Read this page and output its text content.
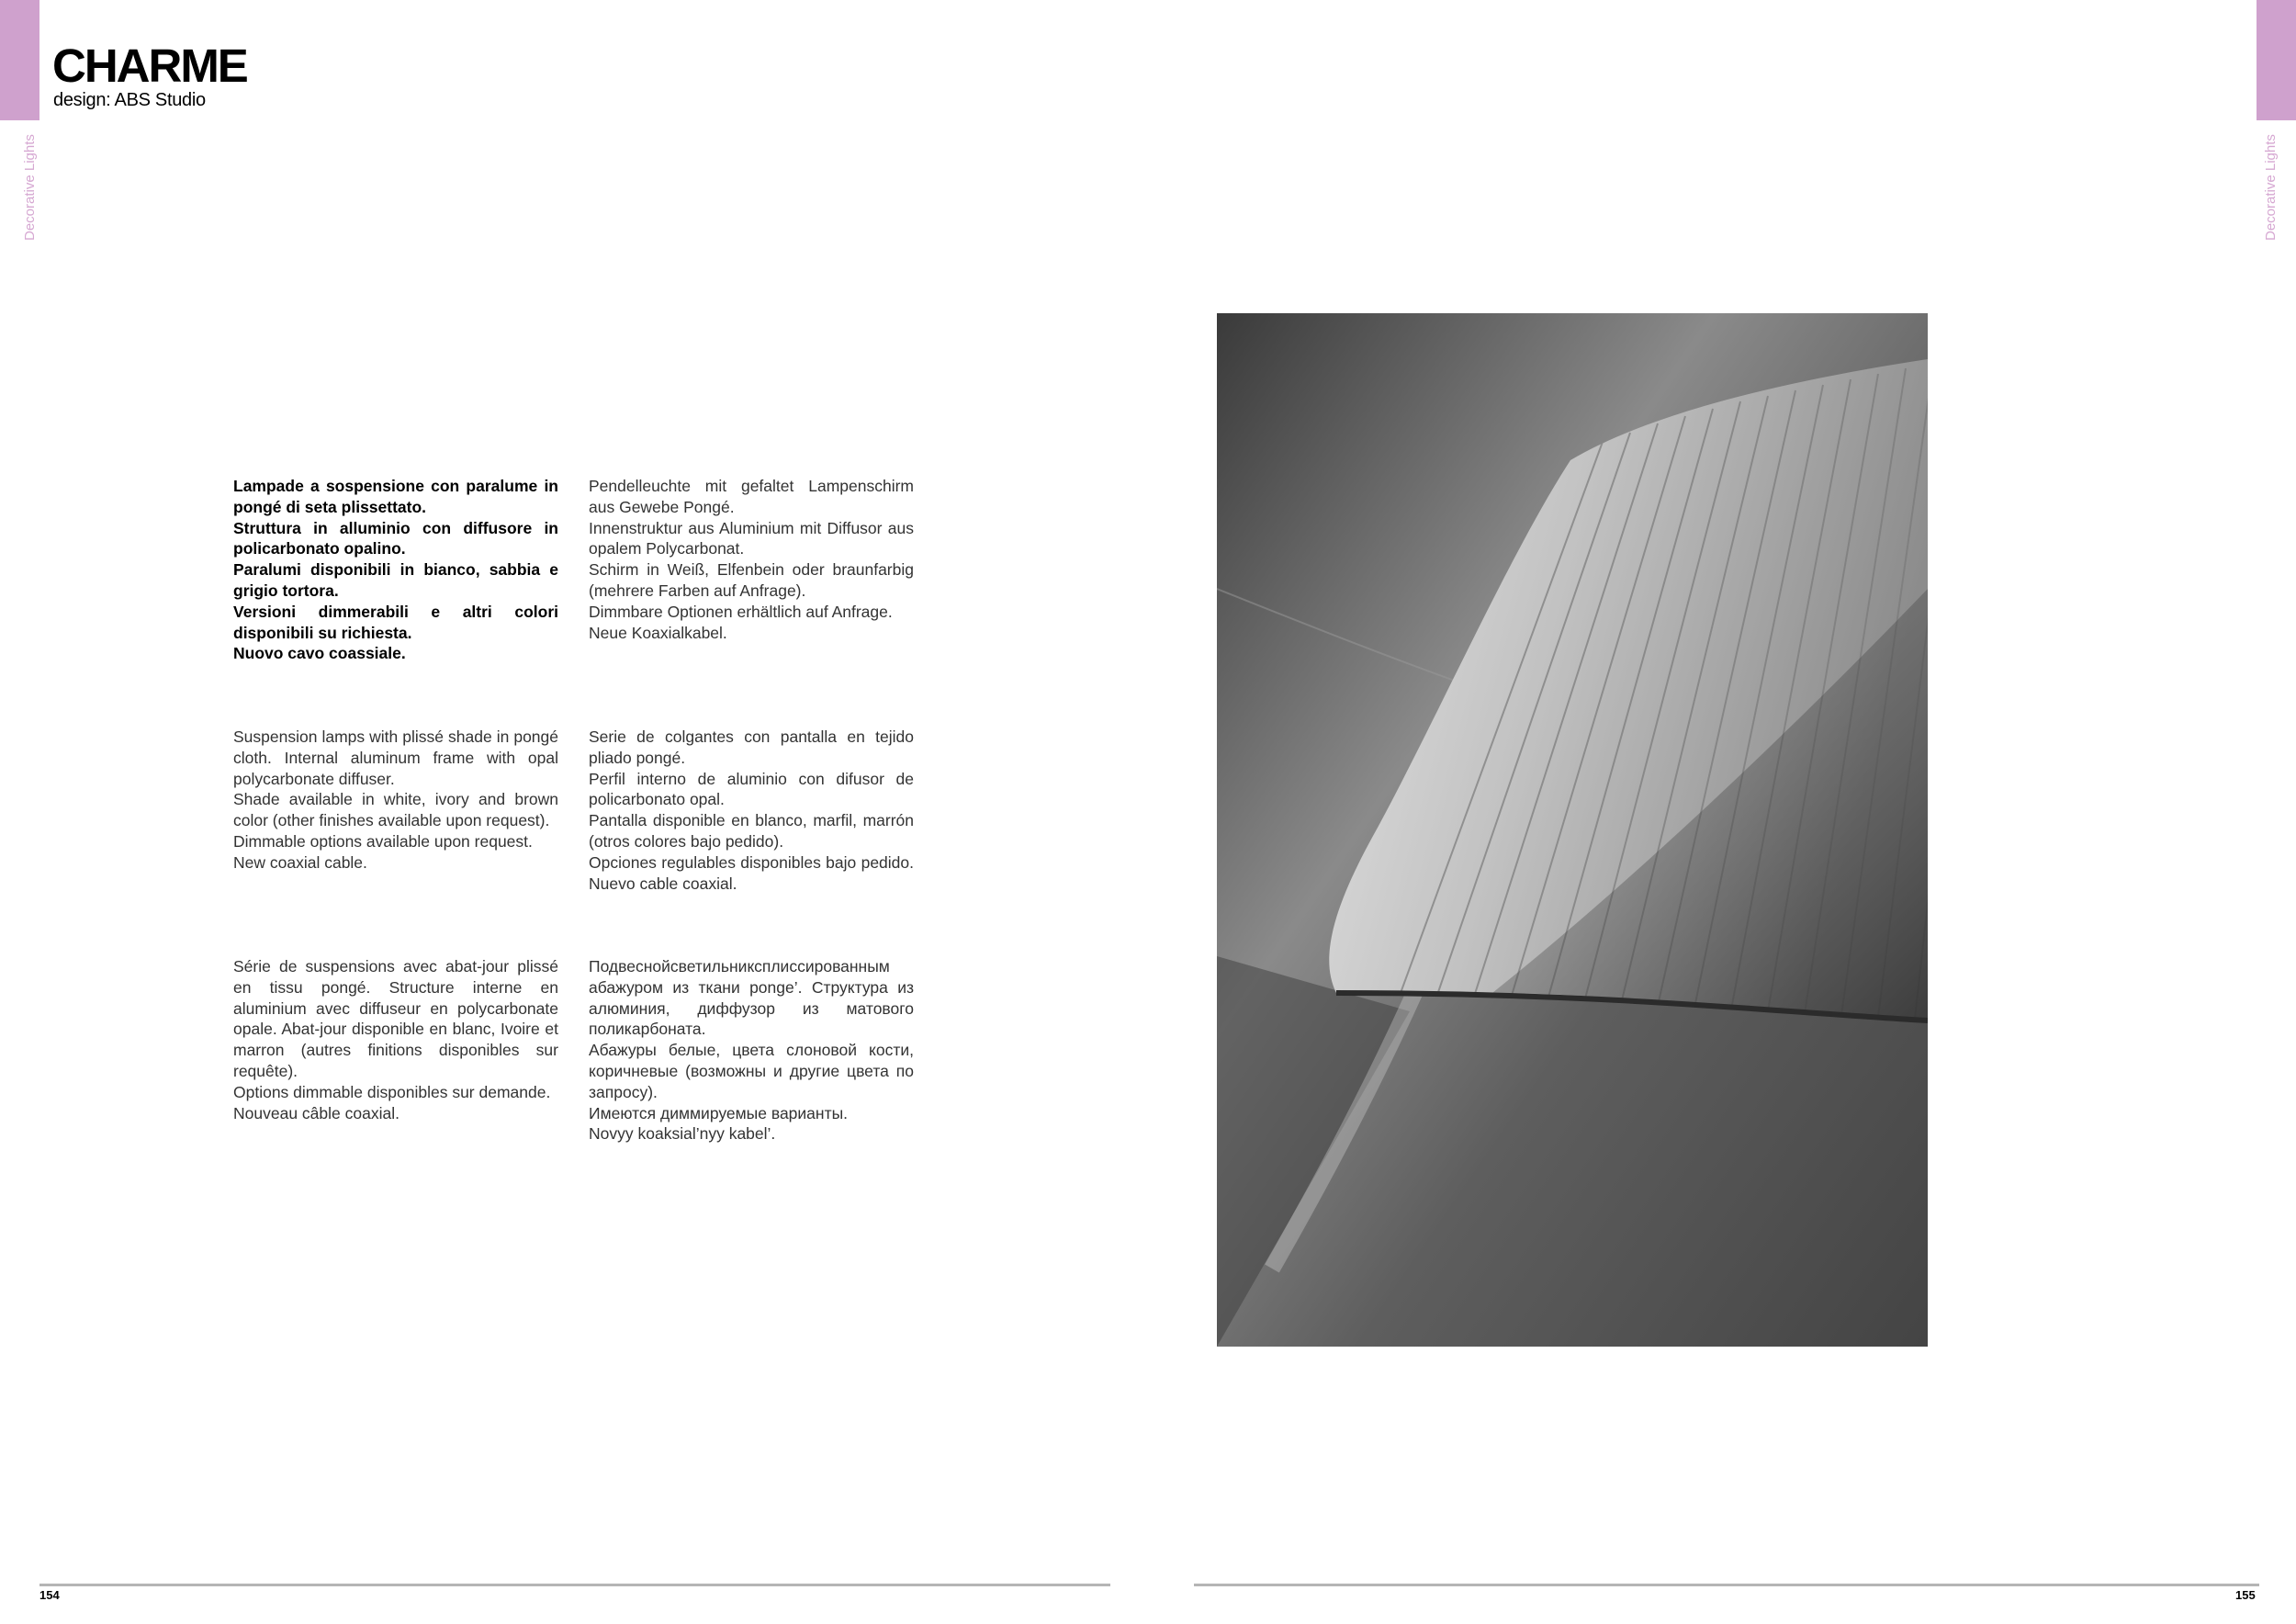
Decorative Lights	Decorative Lights
CHARME
design: ABS Studio
Lampade a sospensione con paralume in pongé di seta plissettato.
Struttura in alluminio con diffusore in policarbonato opalino.
Paralumi disponibili in bianco, sabbia e grigio tortora.
Versioni dimmerabili e altri colori disponibili su richiesta.
Nuovo cavo coassiale.
Pendelleuchte mit gefaltet Lampenschirm aus Gewebe Pongé.
Innenstruktur aus Aluminium mit Diffusor aus opalem Polycarbonat.
Schirm in Weiß, Elfenbein oder braunfarbig (mehrere Farben auf Anfrage).
Dimmbare Optionen erhältlich auf Anfrage.
Neue Koaxialkabel.
Suspension lamps with plissé shade in pongé cloth. Internal aluminum frame with opal polycarbonate diffuser.
Shade available in white, ivory and brown color (other finishes available upon request).
Dimmable options available upon request.
New coaxial cable.
Serie de colgantes con pantalla en tejido pliado pongé.
Perfil interno de aluminio con difusor de policarbonato opal.
Pantalla disponible en blanco, marfil, marrón (otros colores bajo pedido).
Opciones regulables disponibles bajo pedido. Nuevo cable coaxial.
Série de suspensions avec abat-jour plissé en tissu pongé. Structure interne en aluminium avec diffuseur en polycarbonate opale. Abat-jour disponible en blanc, Ivoire et marron (autres finitions disponibles sur requête).
Options dimmable disponibles sur demande.
Nouveau câble coaxial.
Подвеснойсветильникcплиссированным абажуром из ткани ponge’. Структура из алюминия, диффузор из матового поликарбоната.
Абажуры белые, цвета слоновой кости, коричневые (возможны и другие цвета по запросу).
Имеются диммируемые варианты.
Novyy koaksial’nyy kabel’.
154	155
